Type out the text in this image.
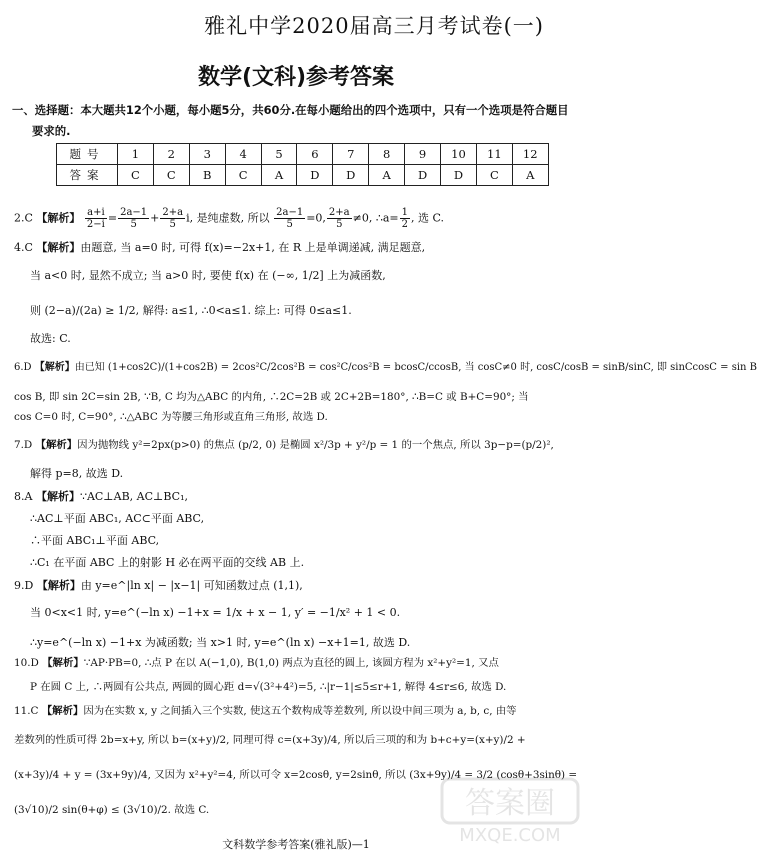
雅礼中学2020届高三月考试卷(一)
数学(文科)参考答案
一、选择题：本大题共12个小题，每小题5分，共60分.在每小题给出的四个选项中，只有一个选项是符合题目
要求的.
题号	1	2	3	4	5	6	7	8	9	10	11	12
答案	C	C	B	C	A	D	D	A	D	D	C	A
2.C 【解析】 $\frac{a+i}{2-i} = \frac{2a-1}{5} + \frac{2+a}{5} i$, 是纯虚数, 所以 $\frac{2a-1}{5} =0$, $\frac{2+a}{5} \ne 0$, ∴a= $\frac{1}{2}$ , 选 C.
4.C 【解析】由题意, 当 a=0 时, 可得 f(x)=−2x+1, 在 R 上是单调递减, 满足题意,
当 a<0 时, 显然不成立; 当 a>0 时, 要使 f(x) 在 (−∞, 1/2] 上为减函数,
则 (2−a)/(2a) ≥ 1/2, 解得: a≤1, ∴0<a≤1. 综上: 可得 0≤a≤1.
故选: C.
6.D 【解析】由已知 (1+cos2C)/(1+cos2B) = 2cos²C/2cos²B = cos²C/cos²B = bcosC/ccosB, 当 cosC≠0 时, cosC/cosB = sinB/sinC, 即 sinCcosC = sin B
cos B, 即 sin 2C=sin 2B, ∵B, C 均为△ABC 的内角, ∴2C=2B 或 2C+2B=180°, ∴B=C 或 B+C=90°; 当
cos C=0 时, C=90°, ∴△ABC 为等腰三角形或直角三角形, 故选 D.
7.D 【解析】因为抛物线 y²=2px(p>0) 的焦点 (p/2, 0) 是椭圆 x²/3p + y²/p = 1 的一个焦点, 所以 3p−p=(p/2)²,
解得 p=8, 故选 D.
8.A 【解析】∵AC⊥AB, AC⊥BC₁,
∴AC⊥平面 ABC₁, AC⊂平面 ABC,
∴平面 ABC₁⊥平面 ABC,
∴C₁ 在平面 ABC 上的射影 H 必在两平面的交线 AB 上.
9.D 【解析】由 y=e^|ln x| − |x−1| 可知函数过点 (1,1),
当 0<x<1 时, y=e^(−ln x) −1+x = 1/x + x − 1, y′ = −1/x² + 1 < 0.
∴y=e^(−ln x) −1+x 为减函数; 当 x>1 时, y=e^(ln x) −x+1=1, 故选 D.
10.D 【解析】∵AP·PB=0, ∴点 P 在以 A(−1,0), B(1,0) 两点为直径的圆上, 该圆方程为 x²+y²=1, 又点
P 在圆 C 上, ∴两圆有公共点, 两圆的圆心距 d=√(3²+4²)=5, ∴|r−1|≤5≤r+1, 解得 4≤r≤6, 故选 D.
11.C 【解析】因为在实数 x, y 之间插入三个实数, 使这五个数构成等差数列, 所以设中间三项为 a, b, c, 由等
差数列的性质可得 2b=x+y, 所以 b=(x+y)/2, 同理可得 c=(x+3y)/4, 所以后三项的和为 b+c+y=(x+y)/2 +
(x+3y)/4 + y = (3x+9y)/4, 又因为 x²+y²=4, 所以可令 x=2cosθ, y=2sinθ, 所以 (3x+9y)/4 = 3/2 (cosθ+3sinθ) =
(3√10)/2 sin(θ+φ) ≤ (3√10)/2. 故选 C.	答案圈
MXQE.COM
文科数学参考答案(雅礼版)—1
